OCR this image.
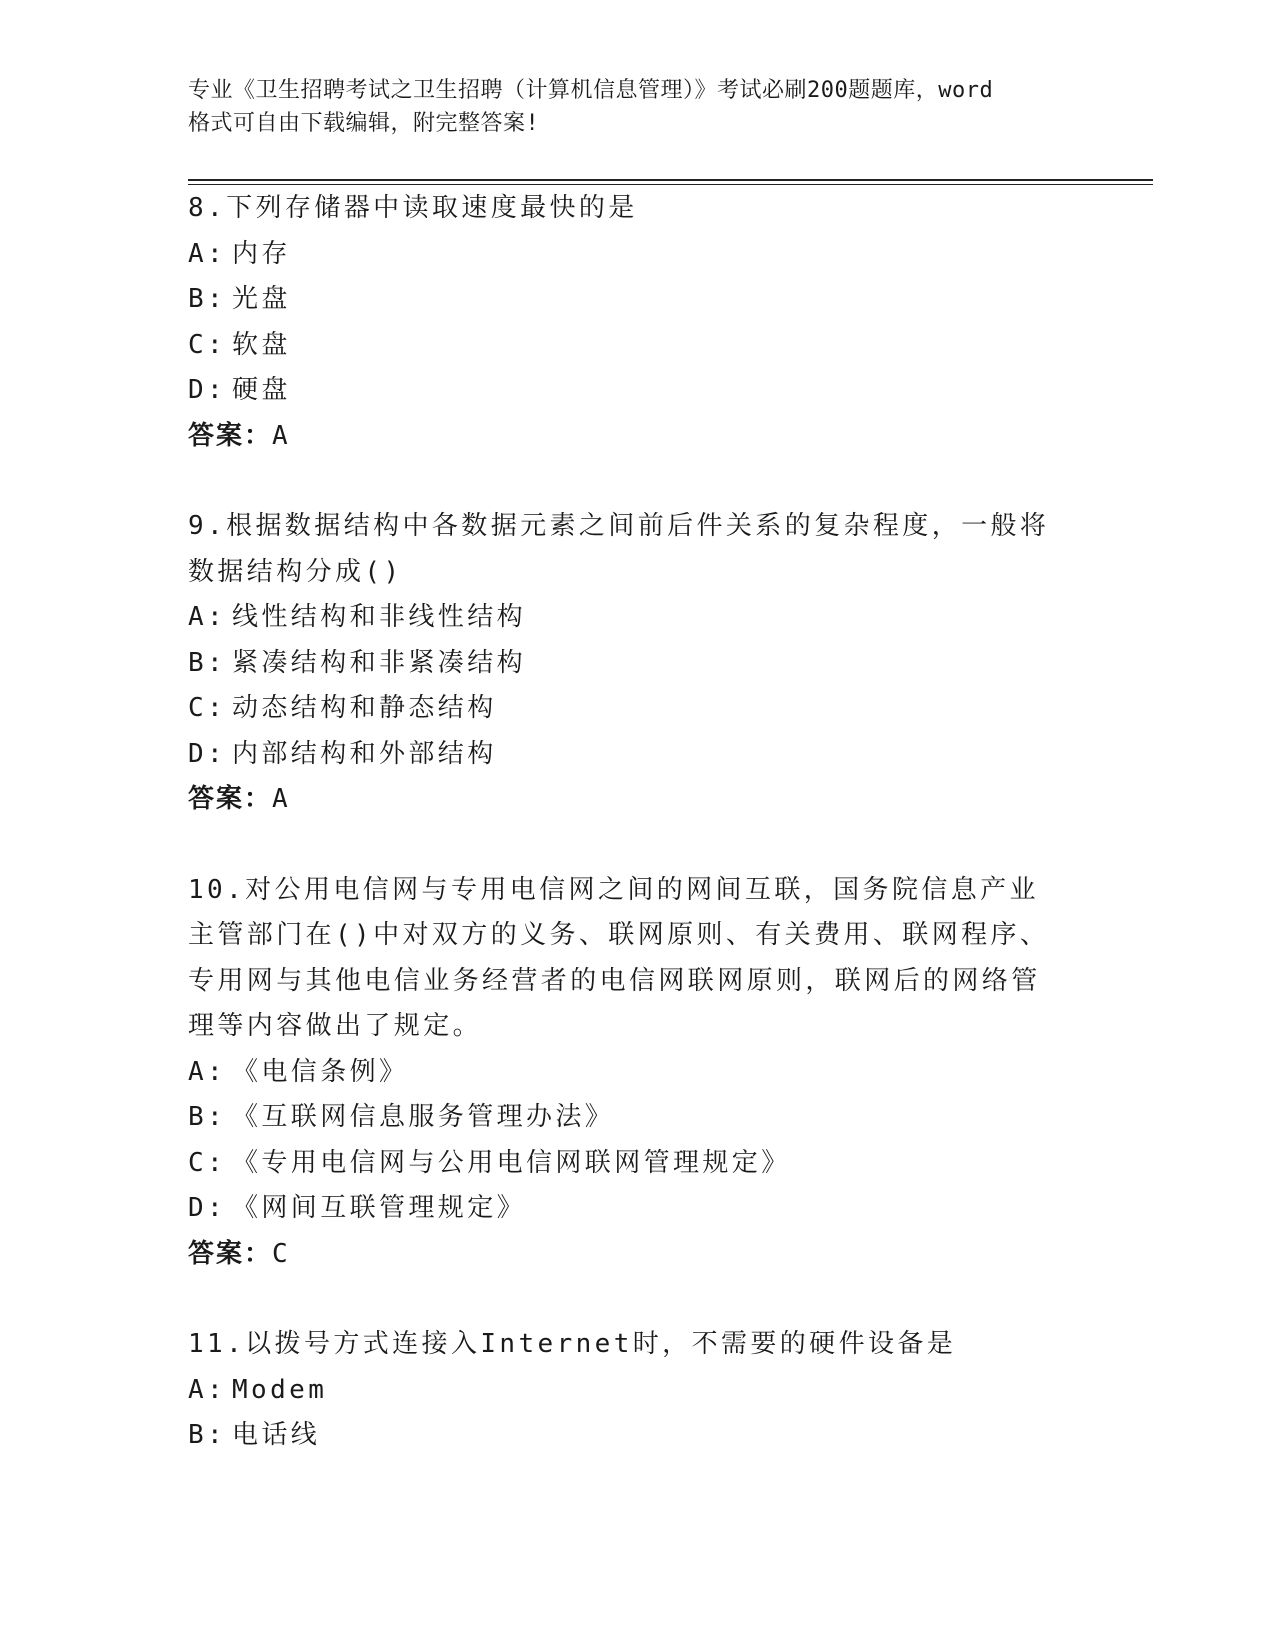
专业《卫生招聘考试之卫生招聘（计算机信息管理）》考试必刷200题题库，word
格式可自由下载编辑，附完整答案!
8.下列存储器中读取速度最快的是
A: 内存
B: 光盘
C: 软盘
D: 硬盘
答案：A
9.根据数据结构中各数据元素之间前后件关系的复杂程度，一般将数据结构分成()
A: 线性结构和非线性结构
B: 紧凑结构和非紧凑结构
C: 动态结构和静态结构
D: 内部结构和外部结构
答案：A
10.对公用电信网与专用电信网之间的网间互联，国务院信息产业主管部门在()中对双方的义务、联网原则、有关费用、联网程序、专用网与其他电信业务经营者的电信网联网原则，联网后的网络管理等内容做出了规定。
A: 《电信条例》
B: 《互联网信息服务管理办法》
C: 《专用电信网与公用电信网联网管理规定》
D: 《网间互联管理规定》
答案：C
11.以拨号方式连接入Internet时，不需要的硬件设备是
A: Modem
B: 电话线
